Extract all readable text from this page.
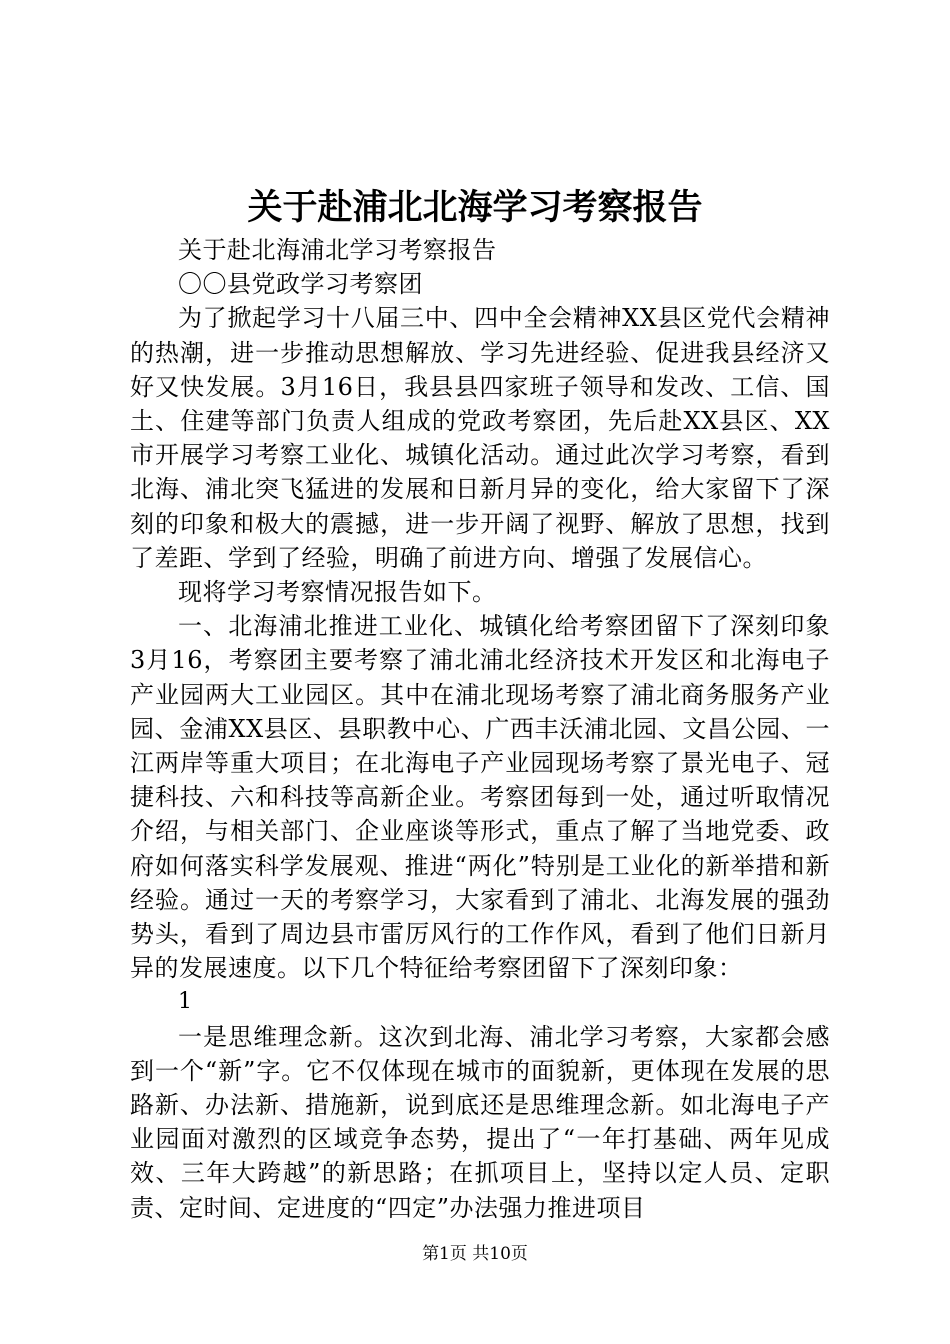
关于赴浦北北海学习考察报告

关于赴北海浦北学习考察报告

〇〇县党政学习考察团

为了掀起学习十八届三中、四中全会精神XX县区党代会精神的热潮，进一步推动思想解放、学习先进经验、促进我县经济又好又快发展。3月16日，我县县四家班子领导和发改、工信、国土、住建等部门负责人组成的党政考察团，先后赴XX县区、XX市开展学习考察工业化、城镇化活动。通过此次学习考察，看到北海、浦北突飞猛进的发展和日新月异的变化，给大家留下了深刻的印象和极大的震撼，进一步开阔了视野、解放了思想，找到了差距、学到了经验，明确了前进方向、增强了发展信心。

现将学习考察情况报告如下。

一、北海浦北推进工业化、城镇化给考察团留下了深刻印象3月16，考察团主要考察了浦北浦北经济技术开发区和北海电子产业园两大工业园区。其中在浦北现场考察了浦北商务服务产业园、金浦XX县区、县职教中心、广西丰沃浦北园、文昌公园、一江两岸等重大项目；在北海电子产业园现场考察了景光电子、冠捷科技、六和科技等高新企业。考察团每到一处，通过听取情况介绍，与相关部门、企业座谈等形式，重点了解了当地党委、政府如何落实科学发展观、推进“两化”特别是工业化的新举措和新经验。通过一天的考察学习，大家看到了浦北、北海发展的强劲势头，看到了周边县市雷厉风行的工作作风，看到了他们日新月异的发展速度。以下几个特征给考察团留下了深刻印象：

1

一是思维理念新。这次到北海、浦北学习考察，大家都会感到一个“新”字。它不仅体现在城市的面貌新，更体现在发展的思路新、办法新、措施新，说到底还是思维理念新。如北海电子产业园面对激烈的区域竞争态势，提出了“一年打基础、两年见成效、三年大跨越”的新思路；在抓项目上，坚持以定人员、定职责、定时间、定进度的“四定”办法强力推进项目

第1页 共10页
